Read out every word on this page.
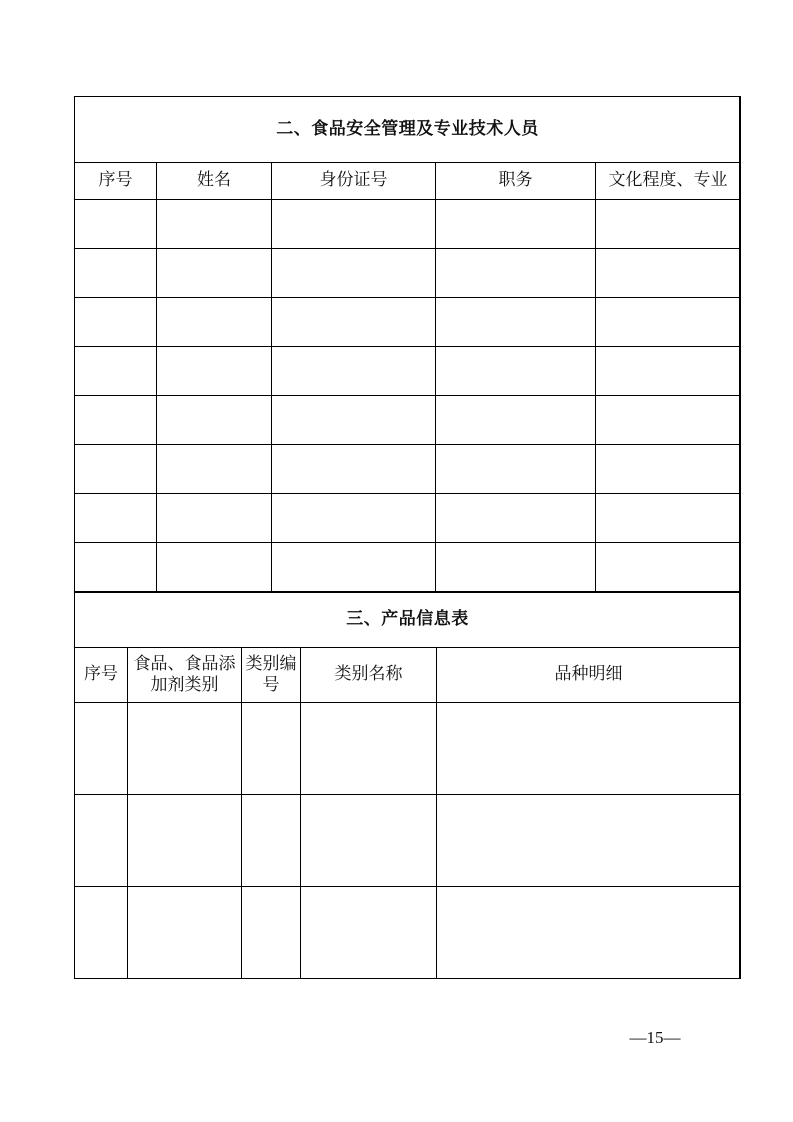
二、食品安全管理及专业技术人员				
序号	姓名	身份证号	职务	文化程度、专业

三、产品信息表				
序号	食品、食品添加剂类别	类别编号	类别名称	品种明细

—15—
